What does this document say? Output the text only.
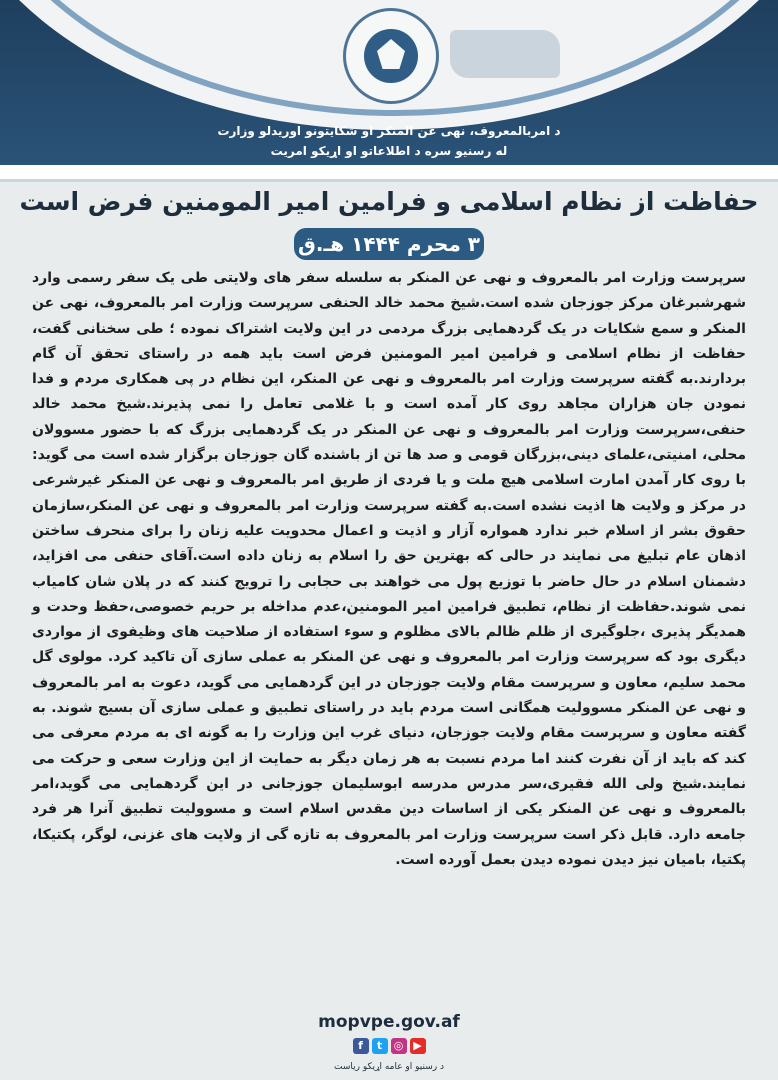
د امربالمعروف، نهی عن المنکر او شکایتونو اوریدلو وزارت
له رسنیو سره د اطلاعاتو او اړیکو امریت
حفاظت از نظام اسلامی و فرامین امیر المومنین فرض است
۳ محرم ۱۴۴۴ هـ.ق
سرپرست وزارت امر بالمعروف و نهی عن المنکر به سلسله سفر های ولایتی طی یک سفر رسمی وارد شهرشبرغان مرکز جوزجان شده است.شیخ محمد خالد الحنفی سرپرست وزارت امر بالمعروف، نهی عن المنکر و سمع شکایات در یک گردهمایی بزرگ مردمی در این ولایت اشتراک نموده ؛ طی سخنانی گفت، حفاظت از نظام اسلامی و فرامین امیر المومنین فرض است باید همه در راستای تحقق آن گام بردارند.به گفته سرپرست وزارت امر بالمعروف و نهی عن المنکر، این نظام در پی همکاری مردم و فدا نمودن جان هزاران مجاهد روی کار آمده است و با غلامی تعامل را نمی پذیرند.شیخ محمد خالد حنفی،سرپرست وزارت امر بالمعروف و نهی عن المنکر در یک گردهمایی بزرگ که با حضور مسوولان محلی، امنیتی،علمای دینی،بزرگان قومی و صد ها تن از باشنده گان جوزجان برگزار شده است می گوید: با روی کار آمدن امارت اسلامی هیچ ملت و یا فردی از طریق امر بالمعروف و نهی عن المنکر غیرشرعی در مرکز و ولایت ها اذیت نشده است.به گفته سرپرست وزارت امر بالمعروف و نهی عن المنکر،سازمان حقوق بشر از اسلام خبر ندارد همواره آزار و اذیت و اعمال محدویت علیه زنان را برای منحرف ساختن اذهان عام تبلیغ می نمایند در حالی که بهترین حق را اسلام به زنان داده است.آقای حنفی می افزاید، دشمنان اسلام در حال حاضر با توزیع پول می خواهند بی حجابی را ترویج کنند که در پلان شان کامیاب نمی شوند.حفاظت از نظام، تطبیق فرامین امیر المومنین،عدم مداخله بر حریم خصوصی،حفظ وحدت و همدیگر پذیری ،جلوگیری از ظلم ظالم بالای مظلوم و سوء استفاده از صلاحیت های وظیفوی از مواردی دیگری بود که سرپرست وزارت امر بالمعروف و نهی عن المنکر به عملی سازی آن تاکید کرد. مولوی گل محمد سلیم، معاون و سرپرست مقام ولایت جوزجان در این گردهمایی می گوید، دعوت به امر بالمعروف و نهی عن المنکر مسوولیت همگانی است مردم باید در راستای تطبیق و عملی سازی آن بسیج شوند. به گفته معاون و سرپرست مقام ولایت جوزجان، دنیای غرب این وزارت را به گونه ای به مردم معرفی می کند که باید از آن نفرت کنند اما مردم نسبت به هر زمان دیگر به حمایت از این وزارت سعی و حرکت می نمایند.شیخ ولی الله فقیری،سر مدرس مدرسه ابوسلیمان جوزجانی در این گردهمایی می گوید،امر بالمعروف و نهی عن المنکر یکی از اساسات دین مقدس اسلام است و مسوولیت تطبیق آنرا هر فرد جامعه دارد. قابل ذکر است سرپرست وزارت امر بالمعروف به تازه گی از ولایت های غزنی، لوگر، پکتیکا، پکتیا، بامیان نیز دیدن نموده دیدن بعمل آورده است.
mopvpe.gov.af
f	t	◎ ▶
د رسنیو او عامه اړیکو ریاست
